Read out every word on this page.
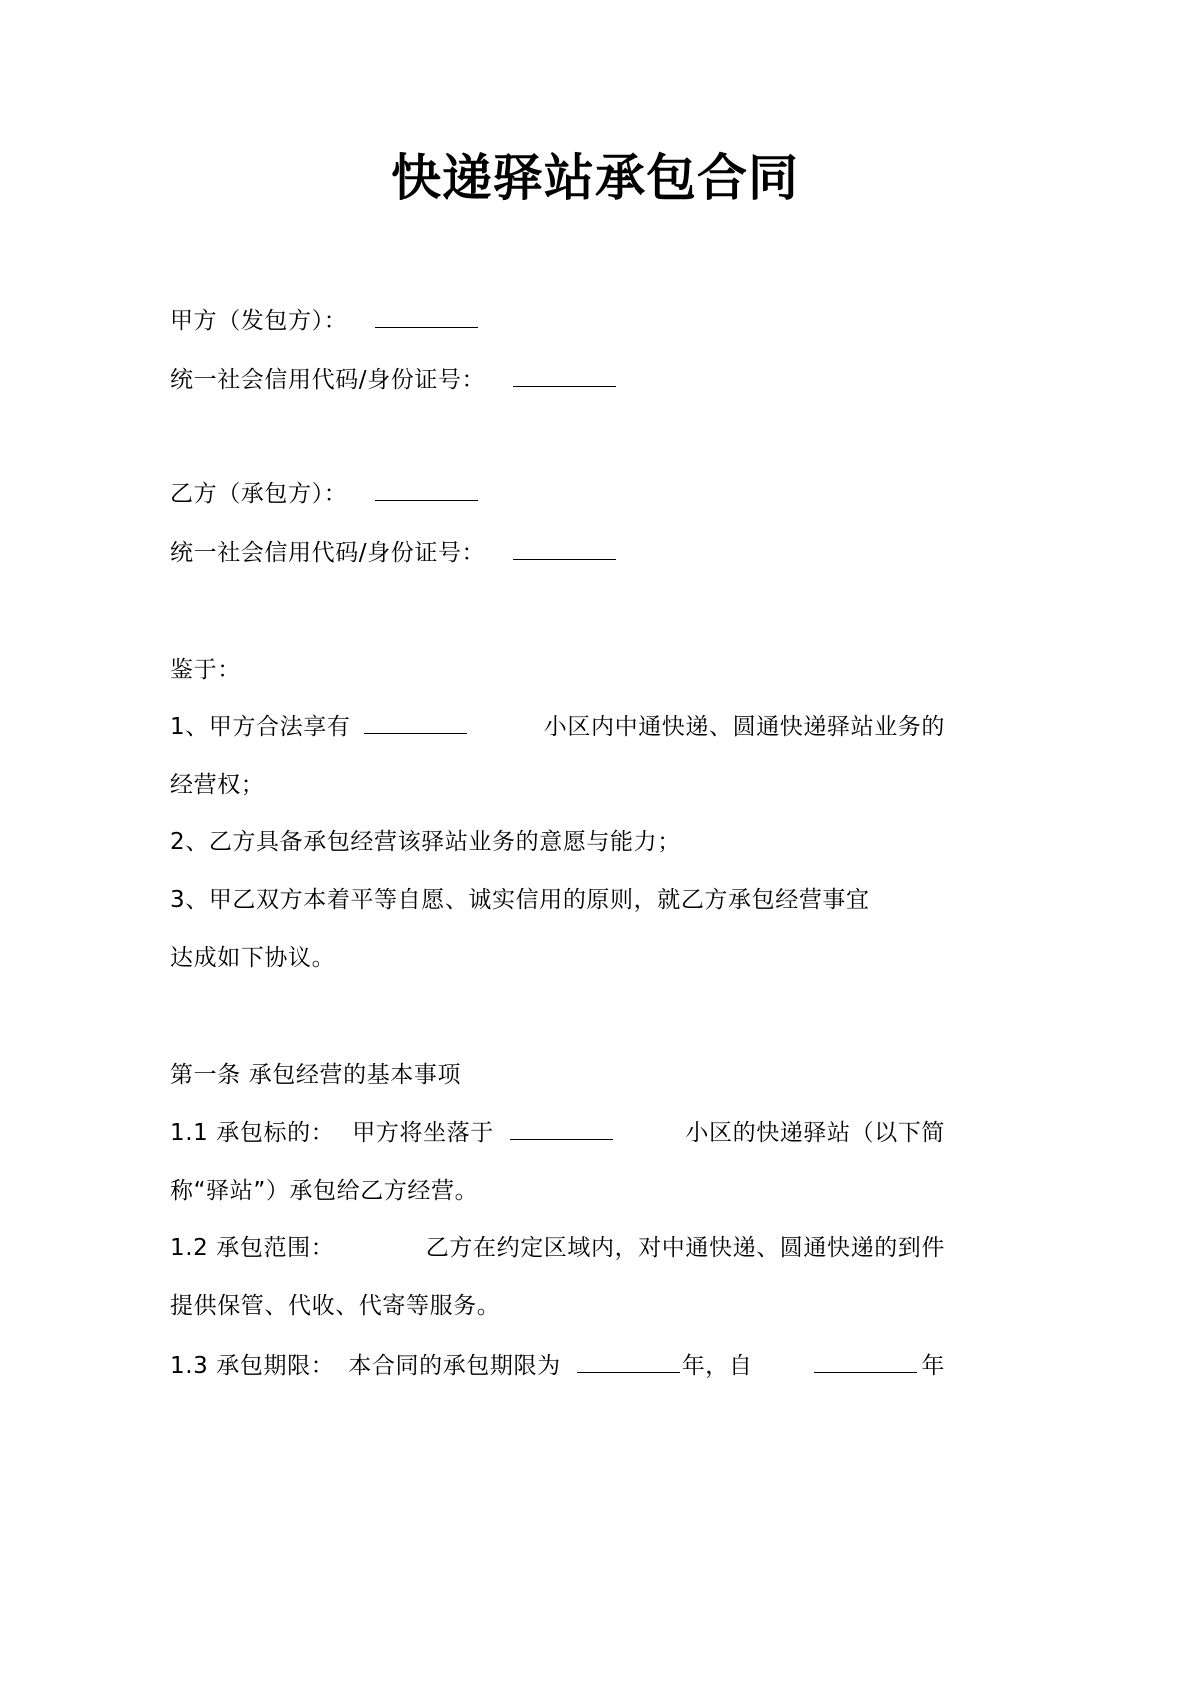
快递驿站承包合同
甲方（发包方）：
统一社会信用代码/身份证号：
乙方（承包方）：
统一社会信用代码/身份证号：
鉴于：
1、甲方合法享有	小区内中通快递、圆通快递驿站业务的
经营权；
2、乙方具备承包经营该驿站业务的意愿与能力；
3、甲乙双方本着平等自愿、诚实信用的原则，就乙方承包经营事宜
达成如下协议。
第一条 承包经营的基本事项
1.1 承包标的： 甲方将坐落于	小区的快递驿站（以下简
称“驿站”）承包给乙方经营。
1.2 承包范围：	乙方在约定区域内，对中通快递、圆通快递的到件
提供保管、代收、代寄等服务。
1.3 承包期限： 本合同的承包期限为	年，自	年
